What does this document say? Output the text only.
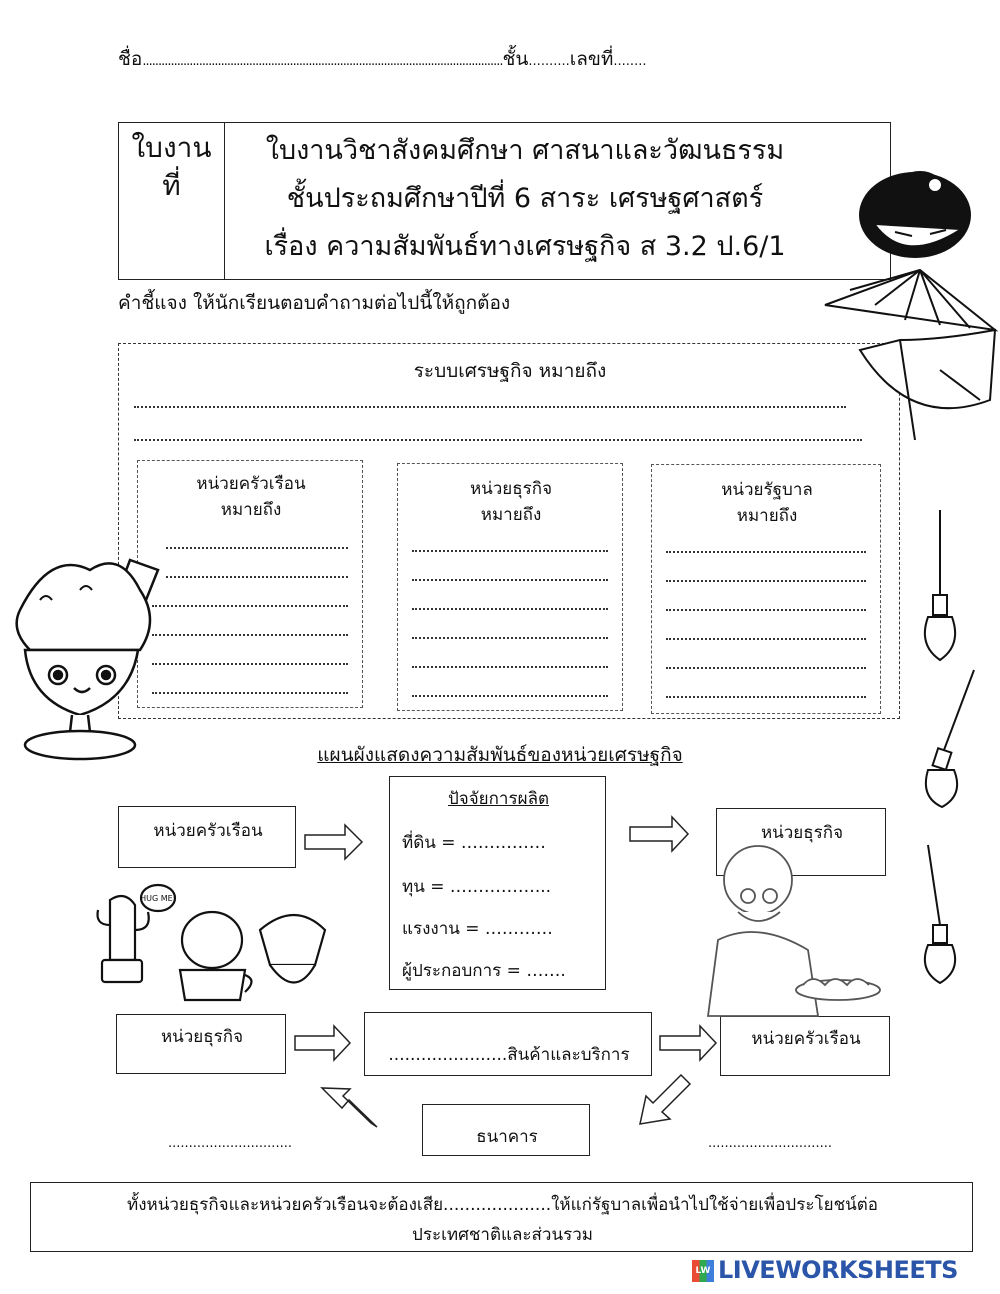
ชื่อ...................................................................................................................ชั้น..........เลขที่........
ใบงาน
ที่
ใบงานวิชาสังคมศึกษา ศาสนาและวัฒนธรรม
ชั้นประถมศึกษาปีที่ 6 สาระ เศรษฐศาสตร์
เรื่อง ความสัมพันธ์ทางเศรษฐกิจ ส 3.2 ป.6/1
คำชี้แจง ให้นักเรียนตอบคำถามต่อไปนี้ให้ถูกต้อง
ระบบเศรษฐกิจ หมายถึง
หน่วยครัวเรือน
หมายถึง
หน่วยธุรกิจ
หมายถึง
หน่วยรัฐบาล
หมายถึง
แผนผังแสดงความสัมพันธ์ของหน่วยเศรษฐกิจ
หน่วยครัวเรือน
ปัจจัยการผลิต
ที่ดิน = ……………
ทุน = ……………...
แรงงาน = …………
ผู้ประกอบการ = …….
หน่วยธุรกิจ
หน่วยธุรกิจ
......................สินค้าและบริการ
หน่วยครัวเรือน
ธนาคาร
..............................	..............................
ทั้งหน่วยธุรกิจและหน่วยครัวเรือนจะต้องเสีย....................ให้แก่รัฐบาลเพื่อนำไปใช้จ่ายเพื่อประโยชน์ต่อ
ประเทศชาติและส่วนรวม
HUG ME!
LW LIVEWORKSHEETS
